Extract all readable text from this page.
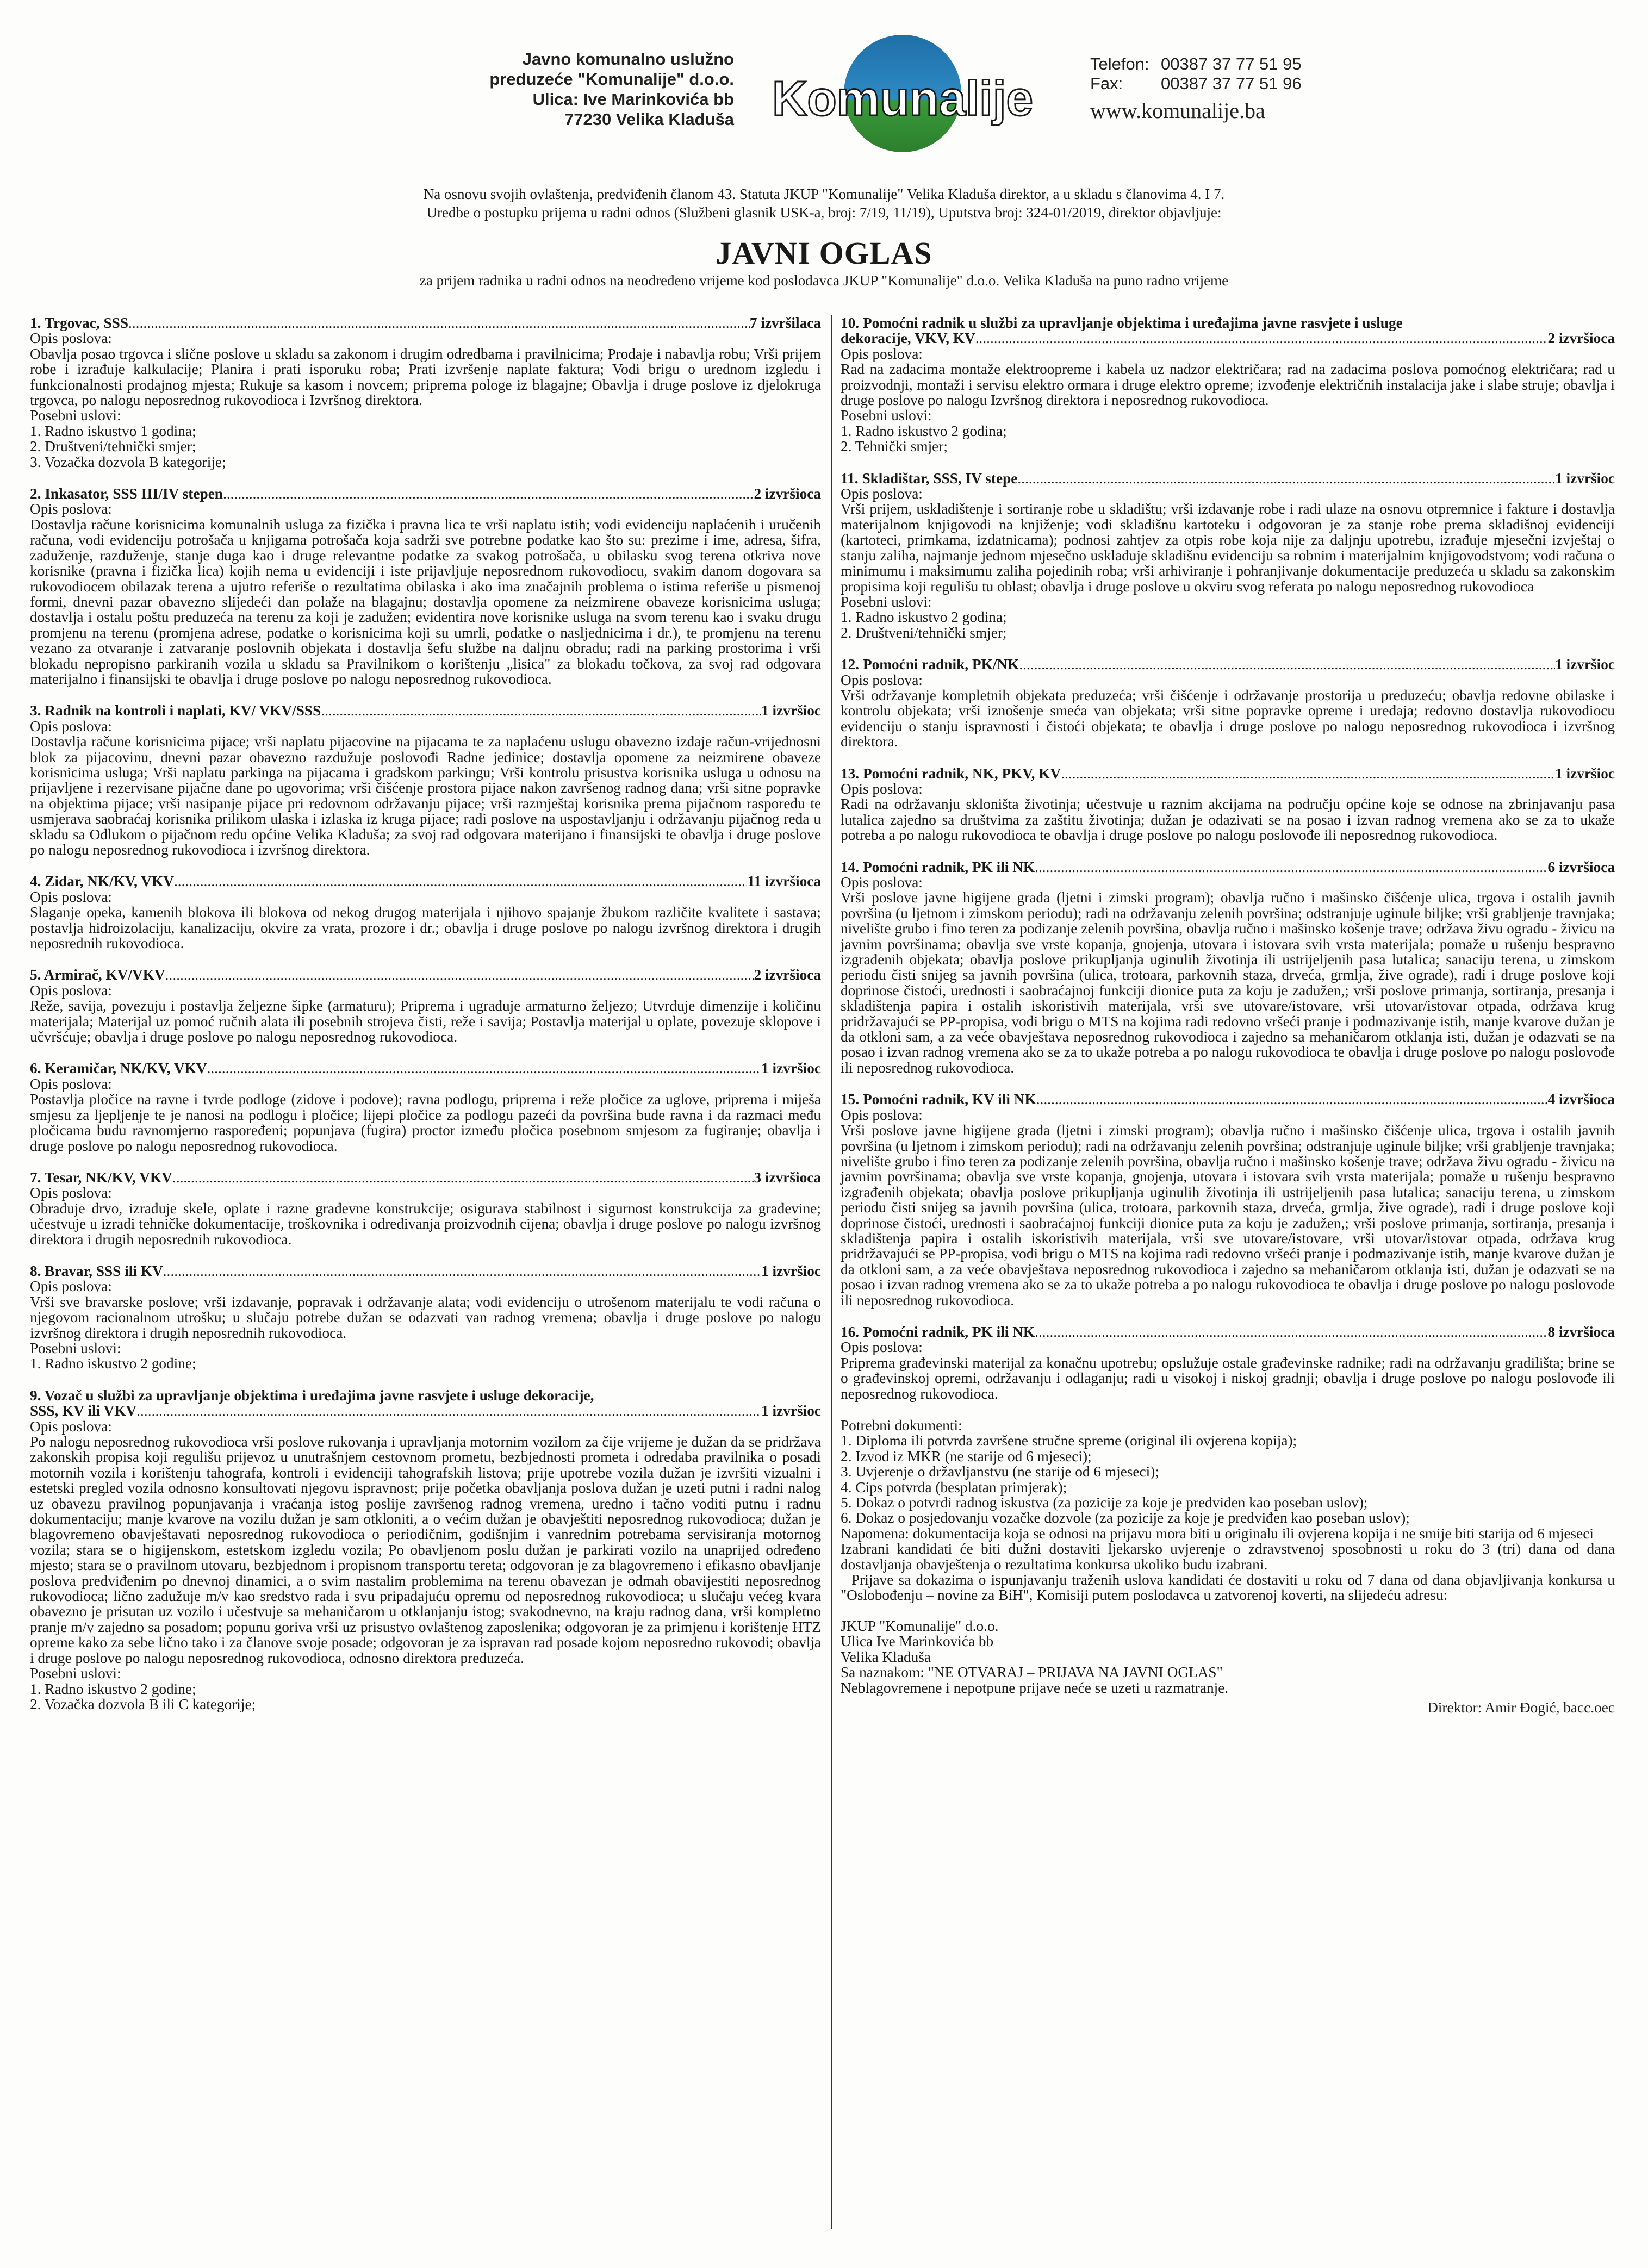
Javno komunalno uslužno
preduzeće "Komunalije" d.o.o.
Ulica: Ive Marinkovića bb
77230 Velika Kladuša Komunalije
Telefon: 00387 37 77 51 95
Fax:	00387 37 77 51 96
www.komunalije.ba
Na osnovu svojih ovlaštenja, predviđenih članom 43. Statuta JKUP "Komunalije" Velika Kladuša direktor, a u skladu s članovima 4. I 7.
Uredbe o postupku prijema u radni odnos (Službeni glasnik USK-a, broj: 7/19, 11/19), Uputstva broj: 324-01/2019, direktor objavljuje:
JAVNI OGLAS
za prijem radnika u radni odnos na neodređeno vrijeme kod poslodavca JKUP "Komunalije" d.o.o. Velika Kladuša na puno radno vrijeme
1. Trgovac, SSS .....	7 izvršilaca
Opis poslova:
Obavlja posao trgovca i slične poslove u skladu sa zakonom i drugim odredbama i pravilnicima; Prodaje i nabavlja robu; Vrši prijem robe i izrađuje kalkulacije; Planira i prati isporuku roba; Prati izvršenje naplate faktura; Vodi brigu o urednom izgledu i funkcionalnosti prodajnog mjesta; Rukuje sa kasom i novcem; priprema pologe iz blagajne; Obavlja i druge poslove iz djelokruga trgovca, po nalogu neposrednog rukovodioca i Izvršnog direktora.
Posebni uslovi:
1. Radno iskustvo 1 godina;
2. Društveni/tehnički smjer;
3. Vozačka dozvola B kategorije;
2. Inkasator, SSS III/IV stepen .....	2 izvršioca
Opis poslova:
Dostavlja račune korisnicima komunalnih usluga za fizička i pravna lica te vrši naplatu istih; vodi evidenciju naplaćenih i uručenih računa, vodi evidenciju potrošača u knjigama potrošača koja sadrži sve potrebne podatke kao što su: prezime i ime, adresa, šifra, zaduženje, razduženje, stanje duga kao i druge relevantne podatke za svakog potrošača, u obilasku svog terena otkriva nove korisnike (pravna i fizička lica) kojih nema u evidenciji i iste prijavljuje neposrednom rukovodiocu, svakim danom dogovara sa rukovodiocem obilazak terena a ujutro referiše o rezultatima obilaska i ako ima značajnih problema o istima referiše u pismenoj formi, dnevni pazar obavezno slijedeći dan polaže na blagajnu; dostavlja opomene za neizmirene obaveze korisnicima usluga; dostavlja i ostalu poštu preduzeća na terenu za koji je zadužen; evidentira nove korisnike usluga na svom terenu kao i svaku drugu promjenu na terenu (promjena adrese, podatke o korisnicima koji su umrli, podatke o nasljednicima i dr.), te promjenu na terenu vezano za otvaranje i zatvaranje poslovnih objekata i dostavlja šefu službe na daljnu obradu; radi na parking prostorima i vrši blokadu nepropisno parkiranih vozila u skladu sa Pravilnikom o korištenju „lisica" za blokadu točkova, za svoj rad odgovara materijalno i finansijski te obavlja i druge poslove po nalogu neposrednog rukovodioca.
3. Radnik na kontroli i naplati, KV/ VKV/SSS .....	1 izvršioc
Opis poslova:
Dostavlja račune korisnicima pijace; vrši naplatu pijacovine na pijacama te za naplaćenu uslugu obavezno izdaje račun-vrijednosni blok za pijacovinu, dnevni pazar obavezno razdužuje poslovođi Radne jedinice; dostavlja opomene za neizmirene obaveze korisnicima usluga; Vrši naplatu parkinga na pijacama i gradskom parkingu; Vrši kontrolu prisustva korisnika usluga u odnosu na prijavljene i rezervisane pijačne dane po ugovorima; vrši čišćenje prostora pijace nakon završenog radnog dana; vrši sitne popravke na objektima pijace; vrši nasipanje pijace pri redovnom održavanju pijace; vrši razmještaj korisnika prema pijačnom rasporedu te usmjerava saobraćaj korisnika prilikom ulaska i izlaska iz kruga pijace; radi poslove na uspostavljanju i održavanju pijačnog reda u skladu sa Odlukom o pijačnom redu općine Velika Kladuša; za svoj rad odgovara materijano i finansijski te obavlja i druge poslove po nalogu neposrednog rukovodioca i izvršnog direktora.
4. Zidar, NK/KV, VKV .....	11 izvršioca
Opis poslova:
Slaganje opeka, kamenih blokova ili blokova od nekog drugog materijala i njihovo spajanje žbukom različite kvalitete i sastava; postavlja hidroizolaciju, kanalizaciju, okvire za vrata, prozore i dr.; obavlja i druge poslove po nalogu izvršnog direktora i drugih neposrednih rukovodioca.
5. Armirač, KV/VKV .....	2 izvršioca
Opis poslova:
Reže, savija, povezuju i postavlja željezne šipke (armaturu); Priprema i ugrađuje armaturno željezo; Utvrđuje dimenzije i količinu materijala; Materijal uz pomoć ručnih alata ili posebnih strojeva čisti, reže i savija; Postavlja materijal u oplate, povezuje sklopove i učvršćuje; obavlja i druge poslove po nalogu neposrednog rukovodioca.
6. Keramičar, NK/KV, VKV .....	1 izvršioc
Opis poslova:
Postavlja pločice na ravne i tvrde podloge (zidove i podove); ravna podlogu, priprema i reže pločice za uglove, priprema i miješa smjesu za ljepljenje te je nanosi na podlogu i pločice; lijepi pločice za podlogu pazeći da površina bude ravna i da razmaci među pločicama budu ravnomjerno raspoređeni; popunjava (fugira) proctor između pločica posebnom smjesom za fugiranje; obavlja i druge poslove po nalogu neposrednog rukovodioca.
7. Tesar, NK/KV, VKV .....	3 izvršioca
Opis poslova:
Obrađuje drvo, izrađuje skele, oplate i razne građevne konstrukcije; osigurava stabilnost i sigurnost konstrukcija za građevine; učestvuje u izradi tehničke dokumentacije, troškovnika i određivanja proizvodnih cijena; obavlja i druge poslove po nalogu izvršnog direktora i drugih neposrednih rukovodioca.
8. Bravar, SSS ili KV .....	1 izvršioc
Opis poslova:
Vrši sve bravarske poslove; vrši izdavanje, popravak i održavanje alata; vodi evidenciju o utrošenom materijalu te vodi računa o njegovom racionalnom utrošku; u slučaju potrebe dužan se odazvati van radnog vremena; obavlja i druge poslove po nalogu izvršnog direktora i drugih neposrednih rukovodioca.
Posebni uslovi:
1. Radno iskustvo 2 godine;
9. Vozač u službi za upravljanje objektima i uređajima javne rasvjete i usluge dekoracije,
SSS, KV ili VKV .....	1 izvršioc
Opis poslova:
Po nalogu neposrednog rukovodioca vrši poslove rukovanja i upravljanja motornim vozilom za čije vrijeme je dužan da se pridržava zakonskih propisa koji regulišu prijevoz u unutrašnjem cestovnom prometu, bezbjednosti prometa i odredaba pravilnika o posadi motornih vozila i korištenju tahografa, kontroli i evidenciji tahografskih listova; prije upotrebe vozila dužan je izvršiti vizualni i estetski pregled vozila odnosno konsultovati njegovu ispravnost; prije početka obavljanja poslova dužan je uzeti putni i radni nalog uz obavezu pravilnog popunjavanja i vraćanja istog poslije završenog radnog vremena, uredno i tačno voditi putnu i radnu dokumentaciju; manje kvarove na vozilu dužan je sam otkloniti, a o većim dužan je obavještiti neposrednog rukovodioca; dužan je blagovremeno obavještavati neposrednog rukovodioca o periodičnim, godišnjim i vanrednim potrebama servisiranja motornog vozila; stara se o higijenskom, estetskom izgledu vozila; Po obavljenom poslu dužan je parkirati vozilo na unaprijed određeno mjesto; stara se o pravilnom utovaru, bezbjednom i propisnom transportu tereta; odgovoran je za blagovremeno i efikasno obavljanje poslova predviđenim po dnevnoj dinamici, a o svim nastalim problemima na terenu obavezan je odmah obavijestiti neposrednog rukovodioca; lično zadužuje m/v kao sredstvo rada i svu pripadajuću opremu od neposrednog rukovodioca; u slučaju većeg kvara obavezno je prisutan uz vozilo i učestvuje sa mehaničarom u otklanjanju istog; svakodnevno, na kraju radnog dana, vrši kompletno pranje m/v zajedno sa posadom; popunu goriva vrši uz prisustvo ovlaštenog zaposlenika; odgovoran je za primjenu i korištenje HTZ opreme kako za sebe lično tako i za članove svoje posade; odgovoran je za ispravan rad posade kojom neposredno rukovodi; obavlja i druge poslove po nalogu neposrednog rukovodioca, odnosno direktora preduzeća.
Posebni uslovi:
1. Radno iskustvo 2 godine;
2. Vozačka dozvola B ili C kategorije;
10. Pomoćni radnik u službi za upravljanje objektima i uređajima javne rasvjete i usluge
dekoracije, VKV, KV .....	2 izvršioca
Opis poslova:
Rad na zadacima montaže elektroopreme i kabela uz nadzor električara; rad na zadacima poslova pomoćnog električara; rad u proizvodnji, montaži i servisu elektro ormara i druge elektro opreme; izvođenje električnih instalacija jake i slabe struje; obavlja i druge poslove po nalogu Izvršnog direktora i neposrednog rukovodioca.
Posebni uslovi:
1. Radno iskustvo 2 godina;
2. Tehnički smjer;
11. Skladištar, SSS, IV stepe .....	1 izvršioc
Opis poslova:
Vrši prijem, uskladištenje i sortiranje robe u skladištu; vrši izdavanje robe i radi ulaze na osnovu otpremnice i fakture i dostavlja materijalnom knjigovođi na knjiženje; vodi skladišnu kartoteku i odgovoran je za stanje robe prema skladišnoj evidenciji (kartoteci, primkama, izdatnicama); podnosi zahtjev za otpis robe koja nije za daljnju upotrebu, izrađuje mjesečni izvještaj o stanju zaliha, najmanje jednom mjesečno usklađuje skladišnu evidenciju sa robnim i materijalnim knjigovodstvom; vodi računa o minimumu i maksimumu zaliha pojedinih roba; vrši arhiviranje i pohranjivanje dokumentacije preduzeća u skladu sa zakonskim propisima koji regulišu tu oblast; obavlja i druge poslove u okviru svog referata po nalogu neposrednog rukovodioca
Posebni uslovi:
1. Radno iskustvo 2 godina;
2. Društveni/tehnički smjer;
12. Pomoćni radnik, PK/NK .....	1 izvršioc
Opis poslova:
Vrši održavanje kompletnih objekata preduzeća; vrši čišćenje i održavanje prostorija u preduzeću; obavlja redovne obilaske i kontrolu objekata; vrši iznošenje smeća van objekata; vrši sitne popravke opreme i uređaja; redovno dostavlja rukovodiocu evidenciju o stanju ispravnosti i čistoći objekata; te obavlja i druge poslove po nalogu neposrednog rukovodioca i izvršnog direktora.
13. Pomoćni radnik, NK, PKV, KV .....	1 izvršioc
Opis poslova:
Radi na održavanju skloništa životinja; učestvuje u raznim akcijama na području općine koje se odnose na zbrinjavanju pasa lutalica zajedno sa društvima za zaštitu životinja; dužan je odazivati se na posao i izvan radnog vremena ako se za to ukaže potreba a po nalogu rukovodioca te obavlja i druge poslove po nalogu poslovođe ili neposrednog rukovodioca.
14. Pomoćni radnik, PK ili NK .....	6 izvršioca
Opis poslova:
Vrši poslove javne higijene grada (ljetni i zimski program); obavlja ručno i mašinsko čišćenje ulica, trgova i ostalih javnih površina (u ljetnom i zimskom periodu); radi na održavanju zelenih površina; odstranjuje uginule biljke; vrši grabljenje travnjaka; nivelište grubo i fino teren za podizanje zelenih površina, obavlja ručno i mašinsko košenje trave; održava živu ogradu - živicu na javnim površinama; obavlja sve vrste kopanja, gnojenja, utovara i istovara svih vrsta materijala; pomaže u rušenju bespravno izgrađenih objekata; obavlja poslove prikupljanja uginulih životinja ili ustrijeljenih pasa lutalica; sanaciju terena, u zimskom periodu čisti snijeg sa javnih površina (ulica, trotoara, parkovnih staza, drveća, grmlja, žive ograde), radi i druge poslove koji doprinose čistoći, urednosti i saobraćajnoj funkciji dionice puta za koju je zadužen,; vrši poslove primanja, sortiranja, presanja i skladištenja papira i ostalih iskoristivih materijala, vrši sve utovare/istovare, vrši utovar/istovar otpada, održava krug pridržavajući se PP-propisa, vodi brigu o MTS na kojima radi redovno vršeći pranje i podmazivanje istih, manje kvarove dužan je da otkloni sam, a za veće obavještava neposrednog rukovodioca i zajedno sa mehaničarom otklanja isti, dužan je odazvati se na posao i izvan radnog vremena ako se za to ukaže potreba a po nalogu rukovodioca te obavlja i druge poslove po nalogu poslovođe ili neposrednog rukovodioca.
15. Pomoćni radnik, KV ili NK .....	4 izvršioca
Opis poslova:
Vrši poslove javne higijene grada (ljetni i zimski program); obavlja ručno i mašinsko čišćenje ulica, trgova i ostalih javnih površina (u ljetnom i zimskom periodu); radi na održavanju zelenih površina; odstranjuje uginule biljke; vrši grabljenje travnjaka; nivelište grubo i fino teren za podizanje zelenih površina, obavlja ručno i mašinsko košenje trave; održava živu ogradu - živicu na javnim površinama; obavlja sve vrste kopanja, gnojenja, utovara i istovara svih vrsta materijala; pomaže u rušenju bespravno izgrađenih objekata; obavlja poslove prikupljanja uginulih životinja ili ustrijeljenih pasa lutalica; sanaciju terena, u zimskom periodu čisti snijeg sa javnih površina (ulica, trotoara, parkovnih staza, drveća, grmlja, žive ograde), radi i druge poslove koji doprinose čistoći, urednosti i saobraćajnoj funkciji dionice puta za koju je zadužen,; vrši poslove primanja, sortiranja, presanja i skladištenja papira i ostalih iskoristivih materijala, vrši sve utovare/istovare, vrši utovar/istovar otpada, održava krug pridržavajući se PP-propisa, vodi brigu o MTS na kojima radi redovno vršeći pranje i podmazivanje istih, manje kvarove dužan je da otkloni sam, a za veće obavještava neposrednog rukovodioca i zajedno sa mehaničarom otklanja isti, dužan je odazvati se na posao i izvan radnog vremena ako se za to ukaže potreba a po nalogu rukovodioca te obavlja i druge poslove po nalogu poslovođe ili neposrednog rukovodioca.
16. Pomoćni radnik, PK ili NK .....	8 izvršioca
Opis poslova:
Priprema građevinski materijal za konačnu upotrebu; opslužuje ostale građevinske radnike; radi na održavanju gradilišta; brine se o građevinskoj opremi, održavanju i odlaganju; radi u visokoj i niskoj gradnji; obavlja i druge poslove po nalogu poslovođe ili neposrednog rukovodioca.
Potrebni dokumenti:
1. Diploma ili potvrda završene stručne spreme (original ili ovjerena kopija);
2. Izvod iz MKR (ne starije od 6 mjeseci);
3. Uvjerenje o državljanstvu (ne starije od 6 mjeseci);
4. Cips potvrda (besplatan primjerak);
5. Dokaz o potvrdi radnog iskustva (za pozicije za koje je predviđen kao poseban uslov);
6. Dokaz o posjedovanju vozačke dozvole (za pozicije za koje je predviđen kao poseban uslov);
Napomena: dokumentacija koja se odnosi na prijavu mora biti u originalu ili ovjerena kopija i ne smije biti starija od 6 mjeseci
Izabrani kandidati će biti dužni dostaviti ljekarsko uvjerenje o zdravstvenoj sposobnosti u roku do 3 (tri) dana od dana dostavljanja obavještenja o rezultatima konkursa ukoliko budu izabrani.
Prijave sa dokazima o ispunjavanju traženih uslova kandidati će dostaviti u roku od 7 dana od dana objavljivanja konkursa u "Oslobođenju – novine za BiH", Komisiji putem poslodavca u zatvorenoj koverti, na slijedeću adresu:
JKUP "Komunalije" d.o.o.
Ulica Ive Marinkovića bb
Velika Kladuša
Sa naznakom: "NE OTVARAJ – PRIJAVA NA JAVNI OGLAS"
Neblagovremene i nepotpune prijave neće se uzeti u razmatranje.
Direktor: Amir Đogić, bacc.oec
